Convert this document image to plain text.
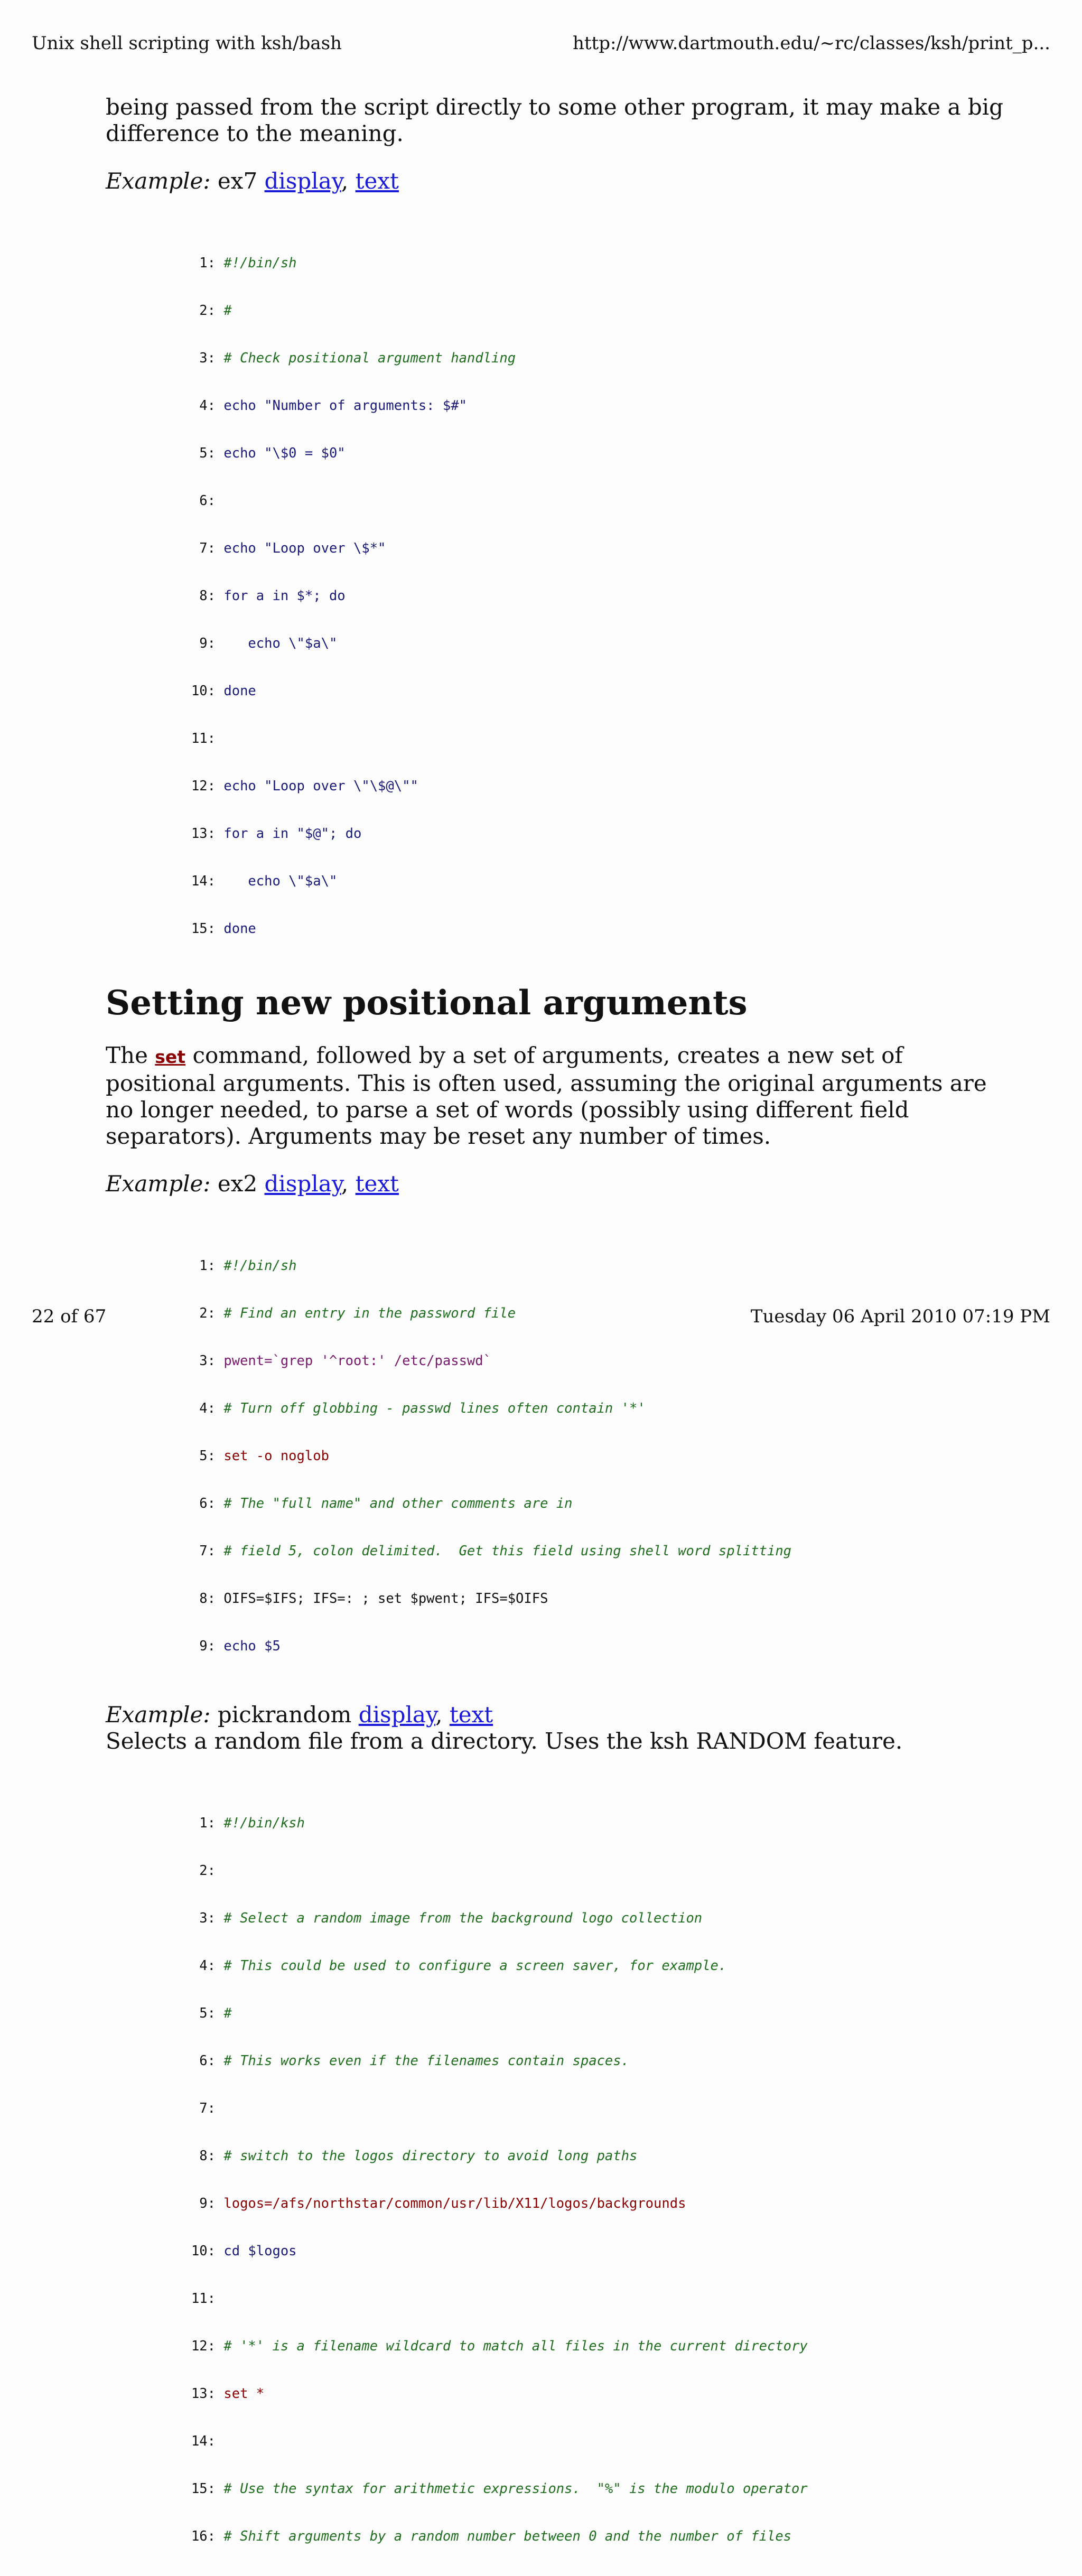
Unix shell scripting with ksh/bash	http://www.dartmouth.edu/~rc/classes/ksh/print_p...

being passed from the script directly to some other program, it may make a big difference to the meaning.

Example: ex7 display, text

1: #!/bin/sh

2: #

3: # Check positional argument handling

4: echo "Number of arguments: $#"

5: echo "\$0 = $0"

6:

7: echo "Loop over \$*"

8: for a in $*; do

9:    echo \"$a\"

10: done

11:

12: echo "Loop over \"\$@\""

13: for a in "$@"; do

14:    echo \"$a\"

15: done

Setting new positional arguments

The set command, followed by a set of arguments, creates a new set of positional arguments. This is often used, assuming the original arguments are no longer needed, to parse a set of words (possibly using different field separators). Arguments may be reset any number of times.

Example: ex2 display, text

1: #!/bin/sh

2: # Find an entry in the password file

3: pwent=`grep '^root:' /etc/passwd`

4: # Turn off globbing - passwd lines often contain '*'

5: set -o noglob

6: # The "full name" and other comments are in

7: # field 5, colon delimited.  Get this field using shell word splitting

8: OIFS=$IFS; IFS=: ; set $pwent; IFS=$OIFS

9: echo $5

Example: pickrandom display, text

Selects a random file from a directory. Uses the ksh RANDOM feature.

1: #!/bin/ksh

2:

3: # Select a random image from the background logo collection

4: # This could be used to configure a screen saver, for example.

5: #

6: # This works even if the filenames contain spaces.

7:

8: # switch to the logos directory to avoid long paths

9: logos=/afs/northstar/common/usr/lib/X11/logos/backgrounds

10: cd $logos

11:

12: # '*' is a filename wildcard to match all files in the current directory

13: set *

14:

15: # Use the syntax for arithmetic expressions.  "%" is the modulo operator

16: # Shift arguments by a random number between 0 and the number of files

22 of 67	Tuesday 06 April 2010 07:19 PM
